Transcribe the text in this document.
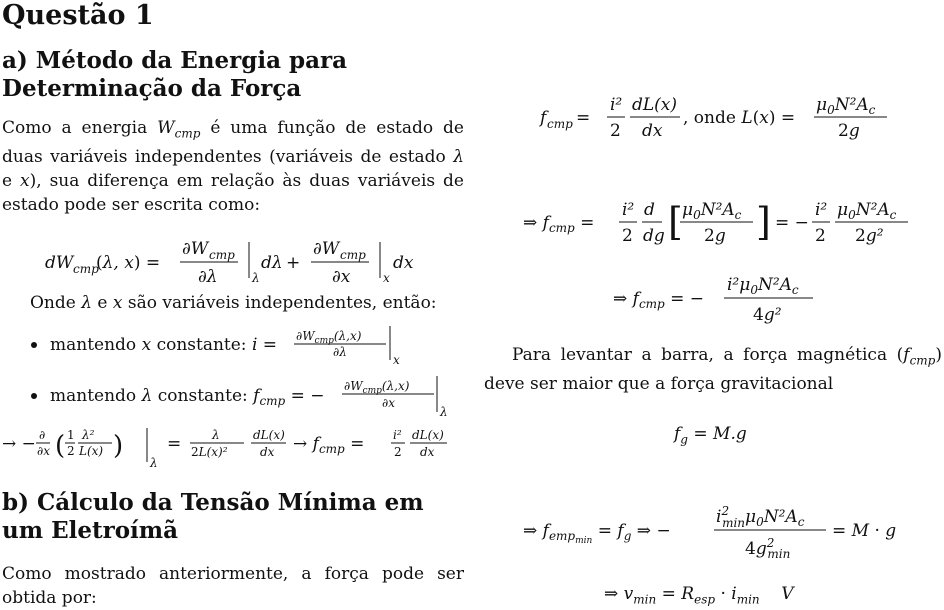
Questão 1
a) Método da Energia para Determinação da Força
Como a energia $W_{cmp}$ é uma função de estado de duas variáveis independentes (variáveis de estado λ e x), sua diferença em relação às duas variáveis de estado pode ser escrita como:
dW cmp
(λ, x) =
∂W cmp
∂λ	λ
dλ +
∂W cmp
∂x	x
dx
Onde λ e x são variáveis independentes, então:
mantendo x constante: $i = \partial W_{cmp}(\lambda,x)$
∂λ
x
mantendo λ constante: $f_{cmp}$ = − $\partial W_{cmp}(\lambda,x)$
∂x
λ
→ − ∂
∂x ( 1
2
λ²
L(x) )
λ
=	λ
2L(x)²
dL(x)
dx → $f_{cmp} = i^2$
2
dL(x)
dx
b) Cálculo da Tensão Mínima em um Eletroímã
Como mostrado anteriormente, a força pode ser obtida por:
f cmp =
i²
2
dL(x)
dx
, onde L(x) =
$\mu_0N^2A_c$
2g
⇒ $f_{cmp}$ =
i²
2
d
dg [ $\mu_0N^2A_c$
2g ] = −
i²
2
$\mu_0N^2A_c$
2g²
⇒ $f_{cmp}$ = −
$i^2\mu_0N^2A_c$
4g²
Para levantar a barra, a força magnética $(f_{cmp})$ deve ser maior que a força gravitacional
$f_g = M.g$
⇒ $f_{emp}\min = f_g$ ⇒ −
$i^2$ $\min\mu_0N^2A_c$
$4g^2$ min
= M · g
⇒ $v_{min} = R_{esp} \cdot i_{min}$ V
